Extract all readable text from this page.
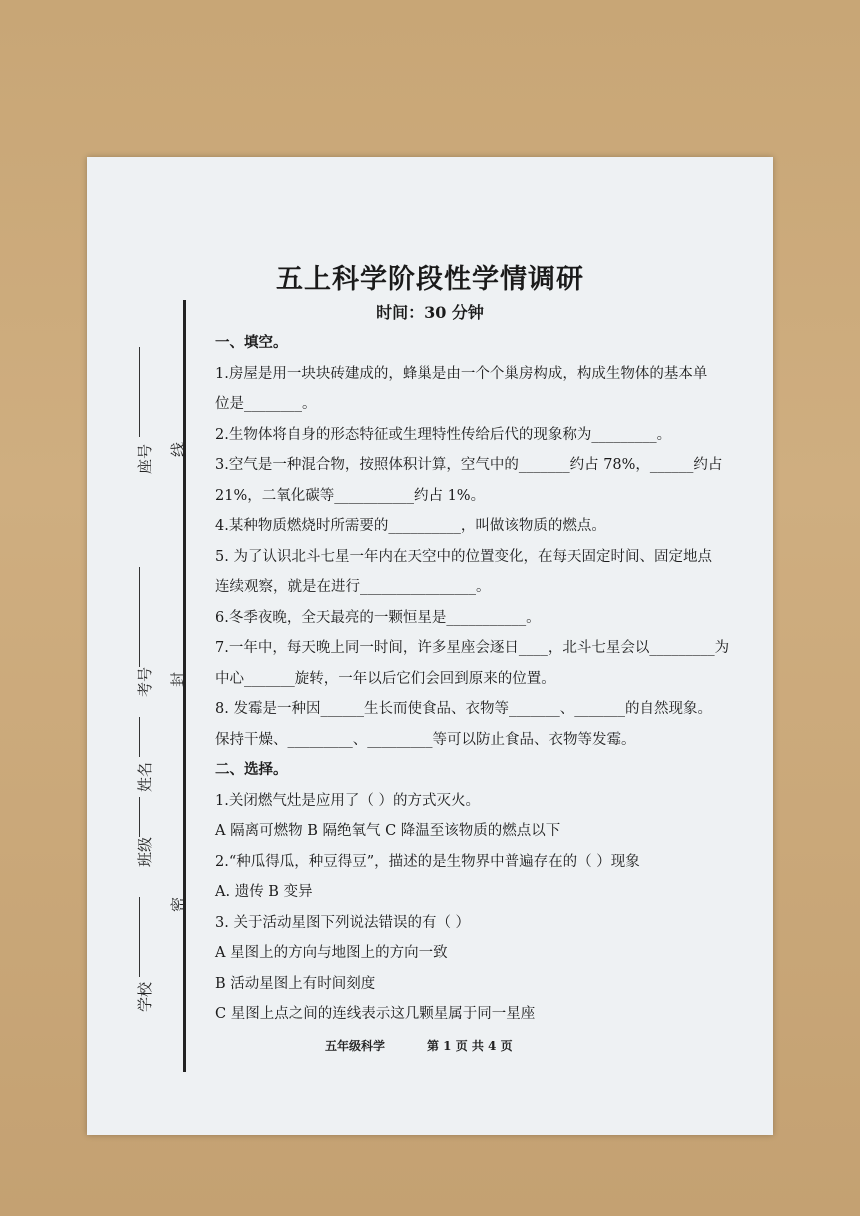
座号 线
考号 封
姓名
班级
密
学校
五上科学阶段性学情调研
时间：30 分钟
一、填空。
1.房屋是用一块块砖建成的，蜂巢是由一个个巢房构成，构成生物体的基本单
位是________。
2.生物体将自身的形态特征或生理特性传给后代的现象称为_________。
3.空气是一种混合物，按照体积计算，空气中的_______约占 78%，______约占
21%，二氧化碳等___________约占 1%。
4.某种物质燃烧时所需要的__________，叫做该物质的燃点。
5. 为了认识北斗七星一年内在天空中的位置变化，在每天固定时间、固定地点
连续观察，就是在进行________________。
6.冬季夜晚，全天最亮的一颗恒星是___________。
7.一年中，每天晚上同一时间，许多星座会逐日____，北斗七星会以_________为
中心_______旋转，一年以后它们会回到原来的位置。
8. 发霉是一种因______生长而使食品、衣物等_______、_______的自然现象。
保持干燥、_________、_________等可以防止食品、衣物等发霉。
二、选择。
1.关闭燃气灶是应用了（ ）的方式灭火。
A 隔离可燃物 B 隔绝氧气 C 降温至该物质的燃点以下
2.“种瓜得瓜，种豆得豆”，描述的是生物界中普遍存在的（ ）现象
A. 遗传 B 变异
3. 关于活动星图下列说法错误的有（ ）
A 星图上的方向与地图上的方向一致
B 活动星图上有时间刻度
C 星图上点之间的连线表示这几颗星属于同一星座
五年级科学	第 1 页 共 4 页
